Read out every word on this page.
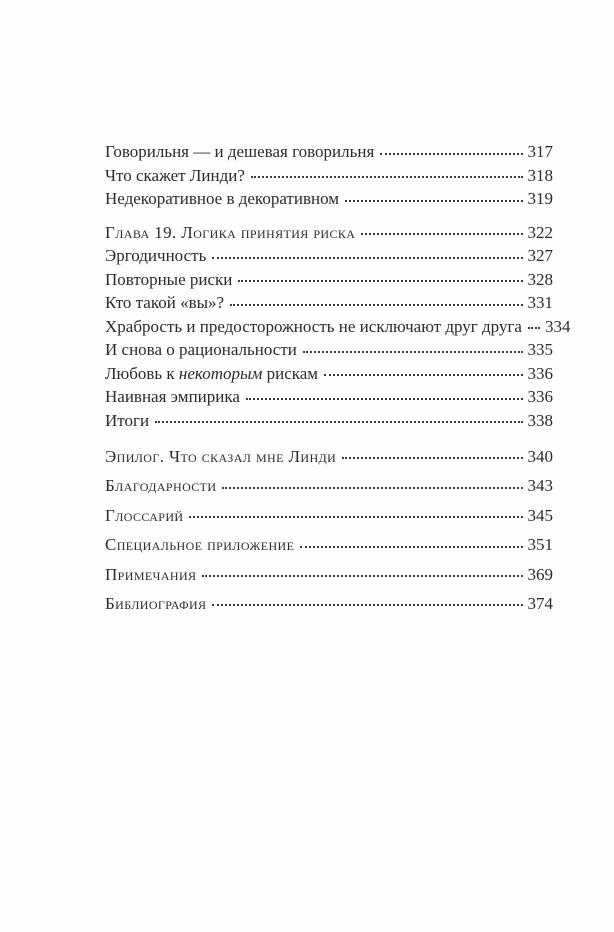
Говорильня — и дешевая говорильня	317
Что скажет Линди?	318
Недекоративное в декоративном	319
Глава 19. Логика принятия риска	322
Эргодичность	327
Повторные риски	328
Кто такой «вы»?	331
Храбрость и предосторожность не исключают друг друга 334
И снова о рациональности	335
Любовь к некоторым рискам	336
Наивная эмпирика	336
Итоги	338
Эпилог. Что сказал мне Линди	340
Благодарности	343
Глоссарий	345
Специальное приложение	351
Примечания	369
Библиография	374
